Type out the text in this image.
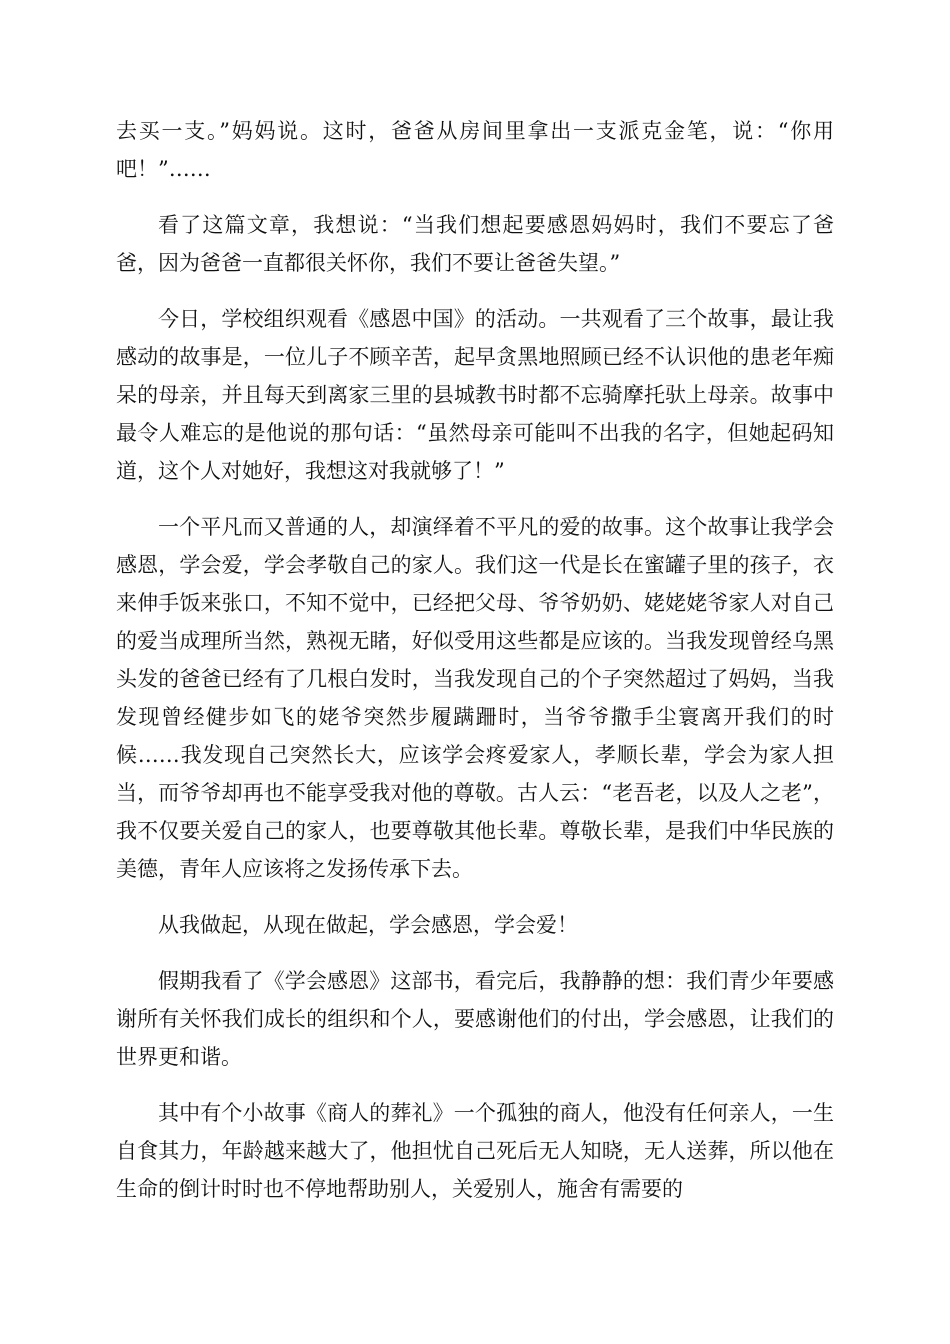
去买一支。”妈妈说。这时，爸爸从房间里拿出一支派克金笔，说：“你用吧！”……

看了这篇文章，我想说：“当我们想起要感恩妈妈时，我们不要忘了爸爸，因为爸爸一直都很关怀你，我们不要让爸爸失望。”

今日，学校组织观看《感恩中国》的活动。一共观看了三个故事，最让我感动的故事是，一位儿子不顾辛苦，起早贪黑地照顾已经不认识他的患老年痴呆的母亲，并且每天到离家三里的县城教书时都不忘骑摩托驮上母亲。故事中最令人难忘的是他说的那句话：“虽然母亲可能叫不出我的名字，但她起码知道，这个人对她好，我想这对我就够了！”

一个平凡而又普通的人，却演绎着不平凡的爱的故事。这个故事让我学会感恩，学会爱，学会孝敬自己的家人。我们这一代是长在蜜罐子里的孩子，衣来伸手饭来张口，不知不觉中，已经把父母、爷爷奶奶、姥姥姥爷家人对自己的爱当成理所当然，熟视无睹，好似受用这些都是应该的。当我发现曾经乌黑头发的爸爸已经有了几根白发时，当我发现自己的个子突然超过了妈妈，当我发现曾经健步如飞的姥爷突然步履蹒跚时，当爷爷撒手尘寰离开我们的时候……我发现自己突然长大，应该学会疼爱家人，孝顺长辈，学会为家人担当，而爷爷却再也不能享受我对他的尊敬。古人云：“老吾老，以及人之老”，我不仅要关爱自己的家人，也要尊敬其他长辈。尊敬长辈，是我们中华民族的美德，青年人应该将之发扬传承下去。

从我做起，从现在做起，学会感恩，学会爱！

假期我看了《学会感恩》这部书，看完后，我静静的想：我们青少年要感谢所有关怀我们成长的组织和个人，要感谢他们的付出，学会感恩，让我们的世界更和谐。

其中有个小故事《商人的葬礼》一个孤独的商人，他没有任何亲人，一生自食其力，年龄越来越大了，他担忧自己死后无人知晓，无人送葬，所以他在生命的倒计时时也不停地帮助别人，关爱别人，施舍有需要的
